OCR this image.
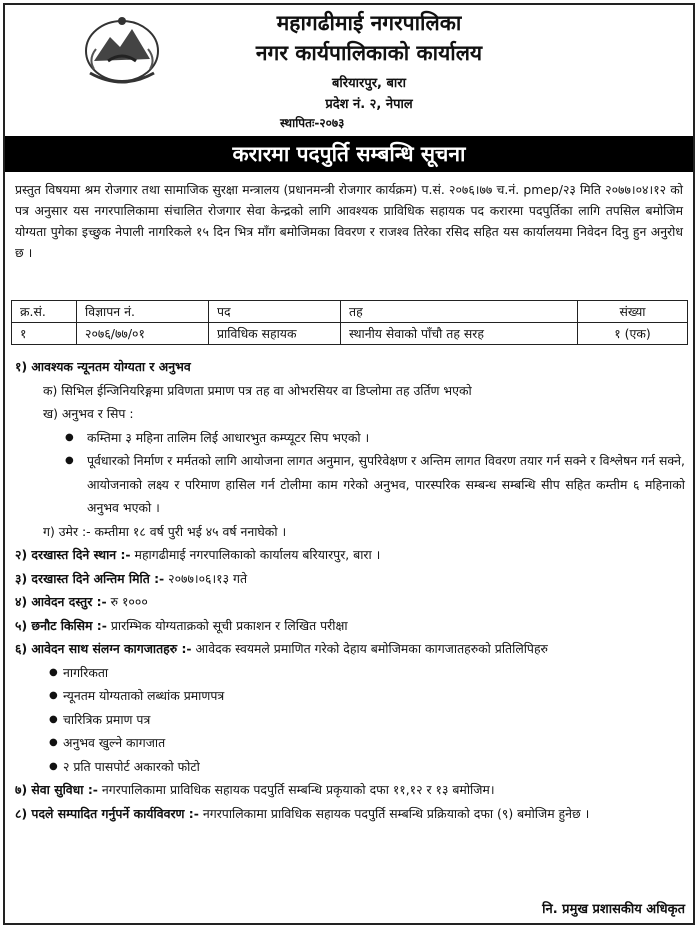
महागढीमाई नगरपालिका
नगर कार्यपालिकाको कार्यालय
बरियारपुर, बारा
प्रदेश नं. २, नेपाल
स्थापितः-२०७३
करारमा पदपुर्ति सम्बन्धि सूचना

प्रस्तुत विषयमा श्रम रोजगार तथा सामाजिक सुरक्षा मन्त्रालय (प्रधानमन्त्री रोजगार कार्यक्रम) प.सं. २०७६।७७ च.नं. pmep/२३ मिति २०७७।०४।१२ को पत्र अनुसार यस नगरपालिकामा संचालित रोजगार सेवा केन्द्रको लागि आवश्यक प्राविधिक सहायक पद करारमा पदपुर्तिका लागि तपसिल बमोजिम योग्यता पुगेका इच्छुक नेपाली नागरिकले १५ दिन भित्र माँग बमोजिमका विवरण र राजश्व तिरेका रसिद सहित यस कार्यालयमा निवेदन दिनु हुन अनुरोध छ ।

क्र.सं.	विज्ञापन नं.	पद	तह	संख्या
१	२०७६/७७/०१	प्राविधिक सहायक	स्थानीय सेवाको पाँचौ तह सरह	१ (एक)

१) आवश्यक न्यूनतम योग्यता र अनुभव

क) सिभिल ईन्जिनियरिङ्गमा प्रविणता प्रमाण पत्र तह वा ओभरसियर वा डिप्लोमा तह उर्तिण भएको

ख) अनुभव र सिप :

● कम्तिमा ३ महिना तालिम लिई आधारभुत कम्प्यूटर सिप भएको ।
● पूर्वधारको निर्माण र मर्मतको लागि आयोजना लागत अनुमान, सुपरिवेक्षण र अन्तिम लागत विवरण तयार गर्न सक्ने र विश्लेषन गर्न सक्ने, आयोजनाको लक्ष्य र परिमाण हासिल गर्न टोलीमा काम गरेको अनुभव, पारस्परिक सम्बन्ध सम्बन्धि सीप सहित कम्तीम ६ महिनाको अनुभव भएको ।

ग) उमेर :- कम्तीमा १८ वर्ष पुरी भई ४५ वर्ष ननाघेको ।

२) दरखास्त दिने स्थान :- महागढीमाई नगरपालिकाको कार्यालय बरियारपुर, बारा ।

३) दरखास्त दिने अन्तिम मिति :- २०७७।०६।१३ गते

४) आवेदन दस्तुर :- रु १०००

५) छनौट किसिम :- प्रारम्भिक योग्यताक्रको सूची प्रकाशन र लिखित परीक्षा

६) आवेदन साथ संलग्न कागजातहरु :- आवेदक स्वयमले प्रमाणित गरेको देहाय बमोजिमका कागजातहरुको प्रतिलिपिहरु

● नागरिकता
● न्यूनतम योग्यताको लब्धांक प्रमाणपत्र
● चारित्रिक प्रमाण पत्र
● अनुभव खुल्ने कागजात
● २ प्रति पासपोर्ट अकारको फोटो

७) सेवा सुविधा :- नगरपालिकामा प्राविधिक सहायक पदपुर्ति सम्बन्धि प्रकृयाको दफा ११,१२ र १३ बमोजिम।

८) पदले सम्पादित गर्नुपर्ने कार्यविवरण :- नगरपालिकामा प्राविधिक सहायक पदपुर्ति सम्बन्धि प्रक्रियाको दफा (९) बमोजिम हुनेछ ।

नि. प्रमुख प्रशासकीय अधिकृत
